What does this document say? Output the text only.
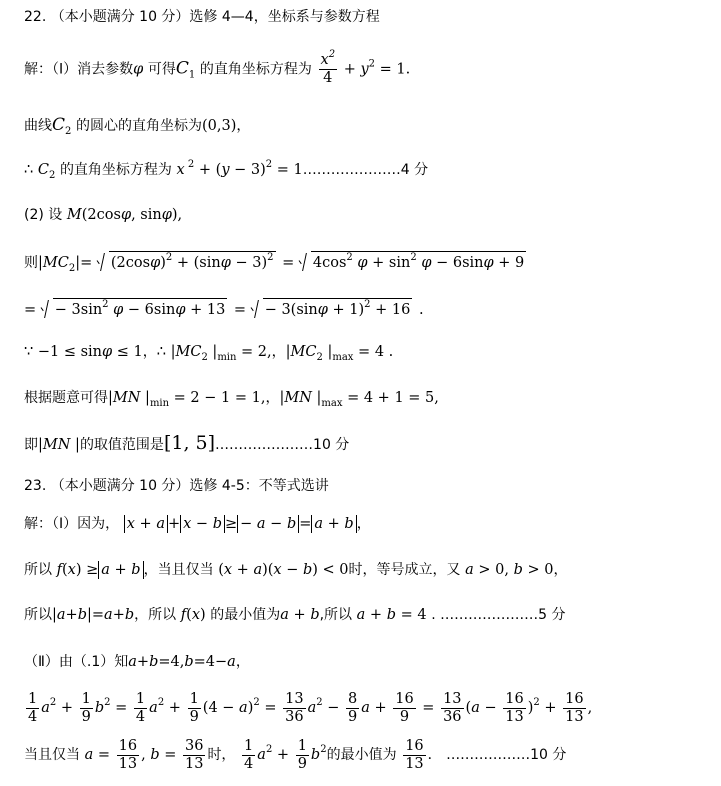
22. （本小题满分 10 分）选修 4—4，坐标系与参数方程
解：（Ⅰ）消去参数φ 可得$C_1$ 的直角坐标方程为 $\frac{x^2}{4} + y^2 = 1$.
曲线$C_2$ 的圆心的直角坐标为(0,3)，
∴ $C_2$ 的直角坐标方程为 x $^2 + (y - 3)^2$ = 1…………………4 分
(2) 设 M(2cosφ, sinφ),
则$|MC_2|= (2\cos\varphi)^2 + (\sin\varphi - 3)^2 = 4\cos^2$ $\varphi + \sin^2 \varphi - 6\sin\varphi + 9$
= − $3\sin^2$ φ − 6sinφ + 13 = − $3(\sin\varphi + 1)^2 + 16$ .
∵ −1 ≤ sinφ ≤ 1，∴ $|MC_2$ $|_{min} = 2$,，$|MC_2$ $|_{max} = 4$ .
根据题意可得|MN $|_{min} = 2 - 1 = 1$,，|MN $|_{max} = 4 + 1 = 5$,
即|MN |的取值范围是[1, 5]…………………10 分
23. （本小题满分 10 分）选修 4-5：不等式选讲
解：（Ⅰ）因为， x + a + x − b ≥ − a − b = a + b ，
所以 f(x) ≥ a + b ，当且仅当 (x + a)(x − b) < 0时，等号成立，又 a > 0, b > 0，
所以|a+b|=a+b，所以 f(x) 的最小值为a + b,所以 a + b = 4 . …………………5 分
（Ⅱ）由（.1）知a+b=4,b=4−a，
$\frac{1}{4} a^2 + \frac{1}{9} b^2 = \frac{1}{4} a^2 + \frac{1}{9} (4 - a)^2 = \frac{13}{36} a^2 - \frac{8}{9}$ $a + \frac{16}{9} = \frac{13}{36} (a - \frac{16}{13} )^2 + \frac{16}{13}$ ,
当且仅当 $a = \frac{16}{13}$ , $b = \frac{36}{13}$ 时， $\frac{1}{4} a^2 + \frac{1}{9} b^2$的最小值为 $\frac{16}{13}$ ． ………………10 分
